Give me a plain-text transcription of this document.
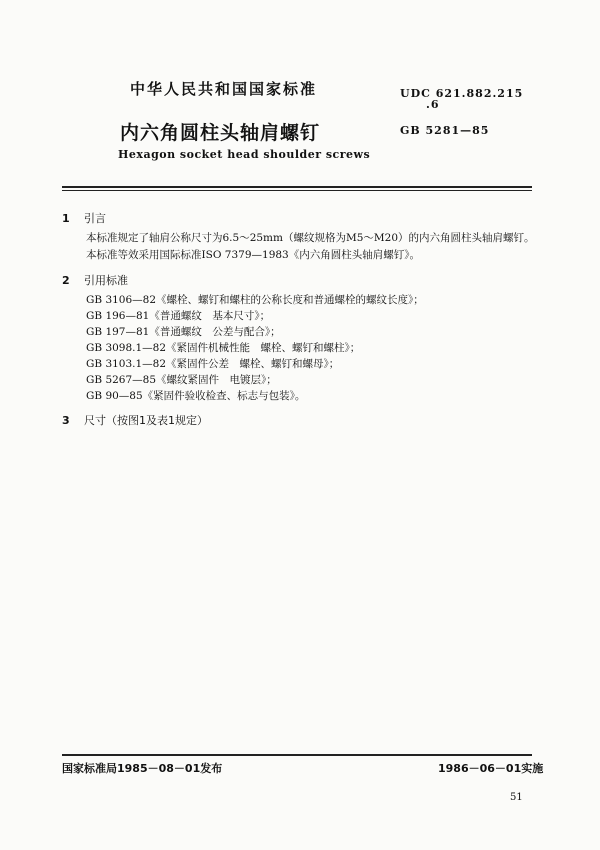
中华人民共和国国家标准
内六角圆柱头轴肩螺钉
Hexagon socket head shoulder screws
UDC 621.882.215
.6
GB 5281—85
1 引言
本标准规定了轴肩公称尺寸为6.5～25mm（螺纹规格为M5～M20）的内六角圆柱头轴肩螺钉。
本标准等效采用国际标准ISO 7379—1983《内六角圆柱头轴肩螺钉》。
2 引用标准
GB 3106—82《螺栓、螺钉和螺柱的公称长度和普通螺栓的螺纹长度》；
GB 196—81《普通螺纹　基本尺寸》；
GB 197—81《普通螺纹　公差与配合》；
GB 3098.1—82《紧固件机械性能　螺栓、螺钉和螺柱》；
GB 3103.1—82《紧固件公差　螺栓、螺钉和螺母》；
GB 5267—85《螺纹紧固件　电镀层》；
GB 90—85《紧固件验收检查、标志与包装》。
3 尺寸（按图1及表1规定）
国家标准局1985－08－01发布	1986－06－01实施
51
